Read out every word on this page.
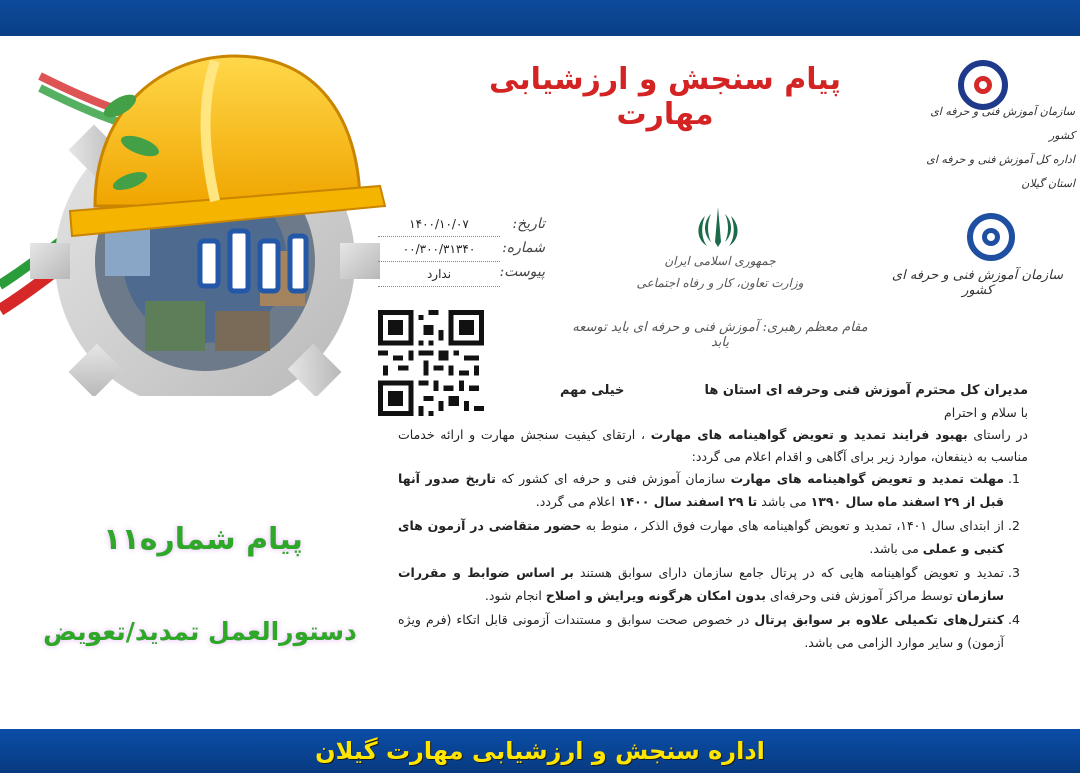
پیام سنجش و ارزشیابی مهارت	سازمان آموزش فنی و حرفه ای کشور
اداره کل آموزش فنی و حرفه ای استان گیلان
جمهوری اسلامی ایران
وزارت تعاون، کار و رفاه اجتماعی	سازمان آموزش فنی و حرفه ای کشور
مقام معظم رهبری: آموزش فنی و حرفه ای باید توسعه یابد
تاریخ:
شماره:
پیوست:
۱۴۰۰/۱۰/۰۷
۰۰/۳۰۰/۳۱۳۴۰
ندارد
پیام شماره۱۱
دستورالعمل تمدید/تعویض
مدیران کل محترم آموزش فنی وحرفه ای استان ها
خیلی مهم

با سلام و احترام

در راستای بهبود فرایند تمدید و تعویض گواهینامه های مهارت ، ارتقای کیفیت سنجش مهارت و ارائه خدمات مناسب به ذینفعان، موارد زیر برای آگاهی و اقدام اعلام می گردد:

1. مهلت تمدید و تعویض گواهینامه های مهارت سازمان آموزش فنی و حرفه ای کشور که تاریخ صدور آنها قبل از ۲۹ اسفند ماه سال ۱۳۹۰ می باشد تا ۲۹ اسفند سال ۱۴۰۰ اعلام می گردد.
2. از ابتدای سال ۱۴۰۱، تمدید و تعویض گواهینامه های مهارت فوق الذکر ، منوط به حضور متقاضی در آزمون های کتبی و عملی می باشد.
3. تمدید و تعویض گواهینامه هایی که در پرتال جامع سازمان دارای سوابق هستند بر اساس ضوابط و مقررات سازمان توسط مراکز آموزش فنی وحرفه‌ای بدون امکان هرگونه ویرایش و اصلاح انجام شود.
4. کنترل‌های تکمیلی علاوه بر سوابق پرتال در خصوص صحت سوابق و مستندات آزمونی قابل اتکاء (فرم ویژه آزمون) و سایر موارد الزامی می باشد.
اداره سنجش و ارزشیابی مهارت گیلان
